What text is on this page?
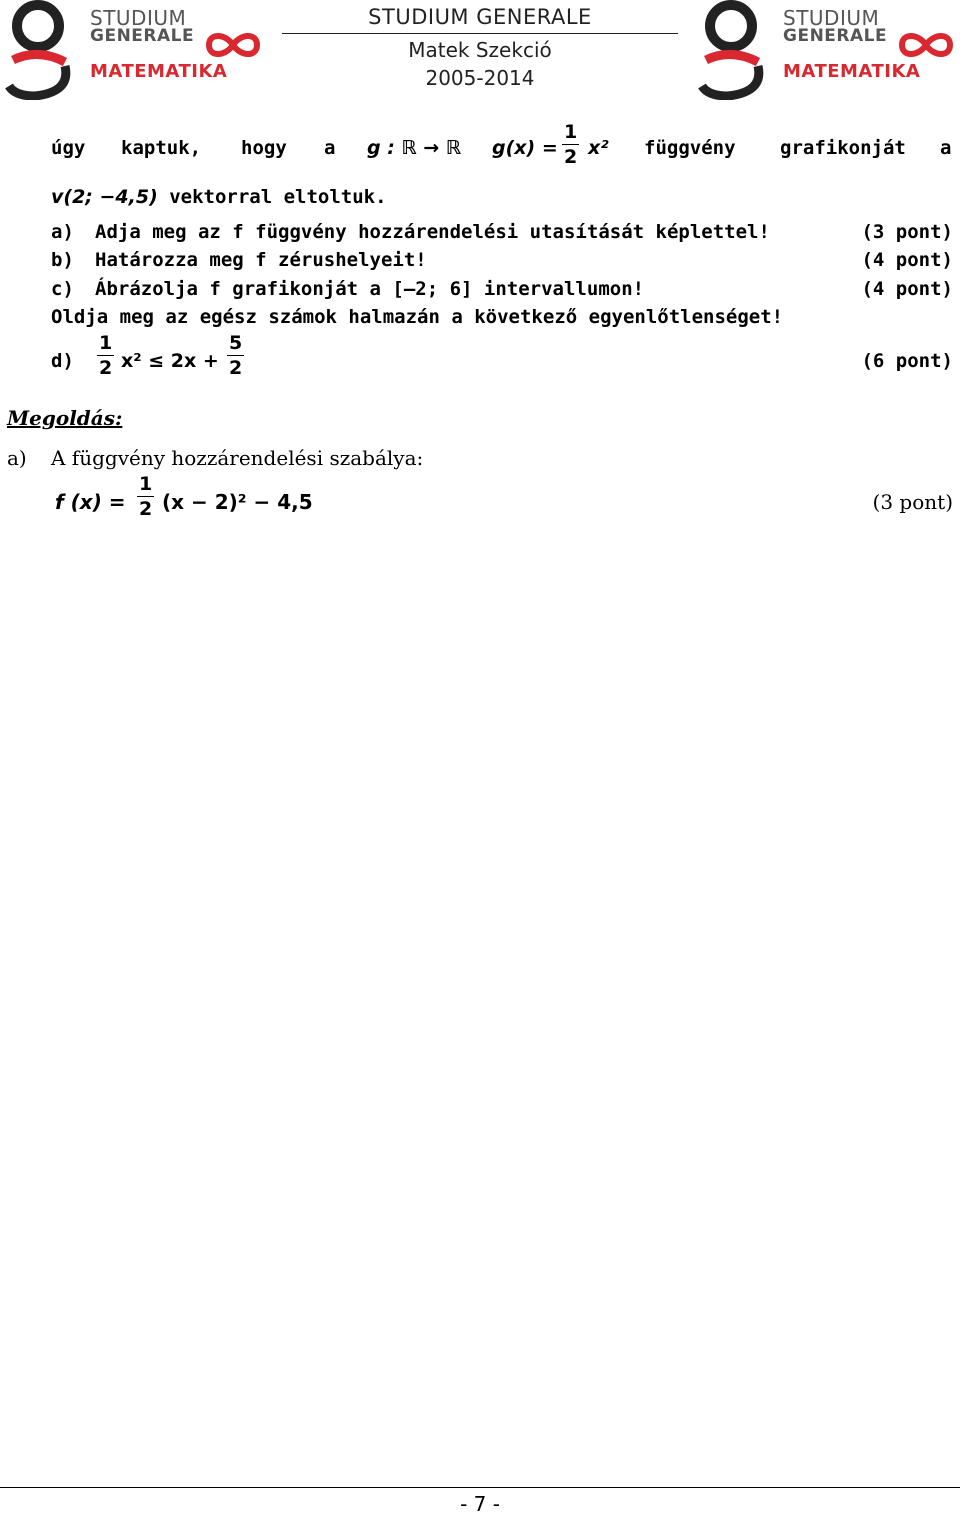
STUDIUM
GENERALE
MATEMATIKA
STUDIUM GENERALE
Matek Szekció
2005-2014
STUDIUM
GENERALE
MATEMATIKA
úgy kaptuk, hogy a g : ℝ → ℝ $g(x) = \frac{1}{2} x^2$ függvény grafikonját a
v(2; −4,5) vektorral eltoltuk.
a) Adja meg az f függvény hozzárendelési utasítását képlettel!	(3 pont)
b) Határozza meg f zérushelyeit!	(4 pont)
c) Ábrázolja f grafikonját a [–2; 6] intervallumon!	(4 pont)
Oldja meg az egész számok halmazán a következő egyenlőtlenséget!
$d) \frac{1}{2} x^2 \le 2x + \frac{5}{2}$	(6 pont)
Megoldás:
a) A függvény hozzárendelési szabálya:
f $(x) = \frac{1}{2} (x - 2)^2 - 4,5$	(3 pont)
- 7 -
